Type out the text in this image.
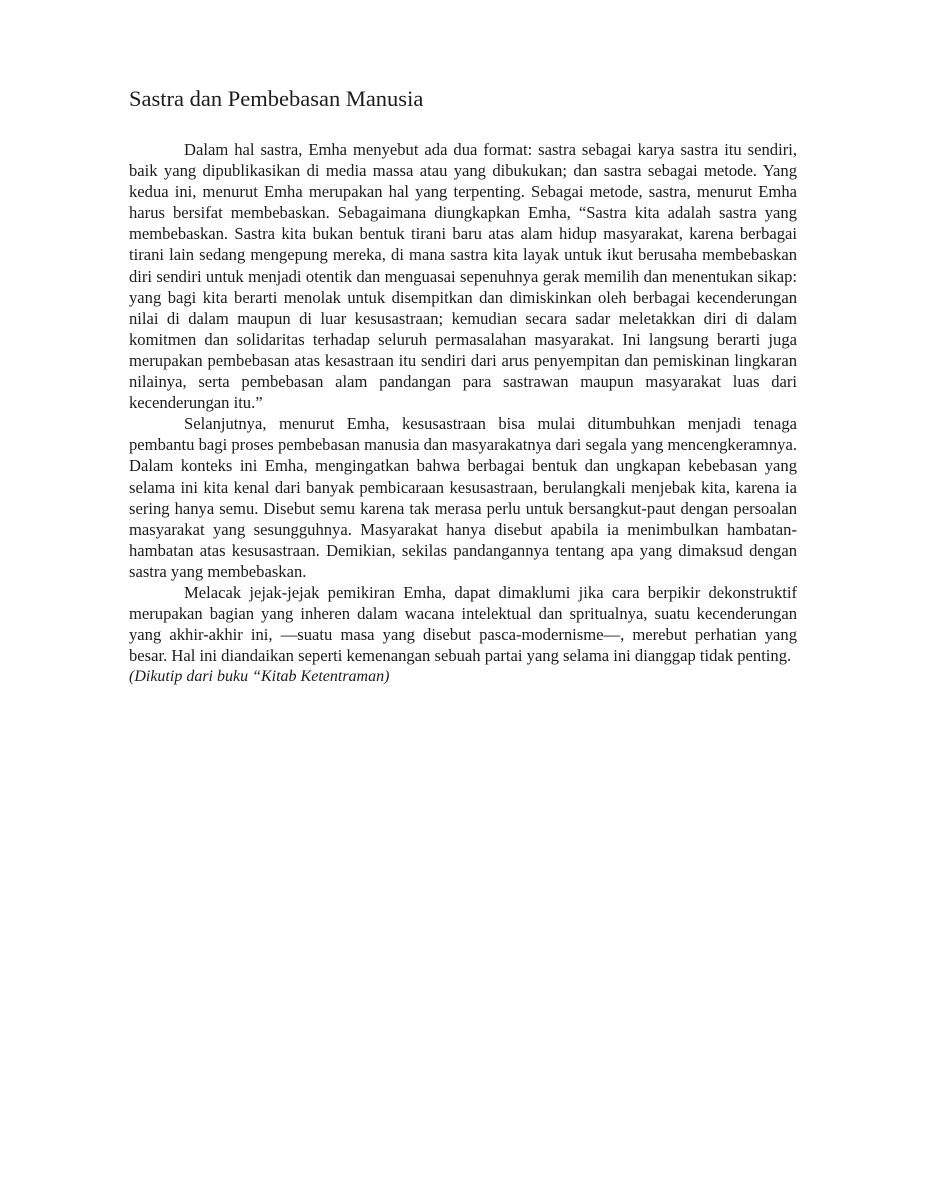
Sastra dan Pembebasan Manusia

Dalam hal sastra, Emha menyebut ada dua format: sastra sebagai karya sastra itu sendiri, baik yang dipublikasikan di media massa atau yang dibukukan; dan sastra sebagai metode. Yang kedua ini, menurut Emha merupakan hal yang terpenting. Sebagai metode, sastra, menurut Emha harus bersifat membebaskan. Sebagaimana diungkapkan Emha, “Sastra kita adalah sastra yang membebaskan. Sastra kita bukan bentuk tirani baru atas alam hidup masyarakat, karena berbagai tirani lain sedang mengepung mereka, di mana sastra kita layak untuk ikut berusaha membebaskan diri sendiri untuk menjadi otentik dan menguasai sepenuhnya gerak memilih dan menentukan sikap: yang bagi kita berarti menolak untuk disempitkan dan dimiskinkan oleh berbagai kecenderungan nilai di dalam maupun di luar kesusastraan; kemudian secara sadar meletakkan diri di dalam komitmen dan solidaritas terhadap seluruh permasalahan masyarakat. Ini langsung berarti juga merupakan pembebasan atas kesastraan itu sendiri dari arus penyempitan dan pemiskinan lingkaran nilainya, serta pembebasan alam pandangan para sastrawan maupun masyarakat luas dari kecenderungan itu.”

Selanjutnya, menurut Emha, kesusastraan bisa mulai ditumbuhkan menjadi tenaga pembantu bagi proses pembebasan manusia dan masyarakatnya dari segala yang mencengkeramnya. Dalam konteks ini Emha, mengingatkan bahwa berbagai bentuk dan ungkapan kebebasan yang selama ini kita kenal dari banyak pembicaraan kesusastraan, berulangkali menjebak kita, karena ia sering hanya semu. Disebut semu karena tak merasa perlu untuk bersangkut-paut dengan persoalan masyarakat yang sesungguhnya. Masyarakat hanya disebut apabila ia menimbulkan hambatan-hambatan atas kesusastraan. Demikian, sekilas pandangannya tentang apa yang dimaksud dengan sastra yang membebaskan.

Melacak jejak-jejak pemikiran Emha, dapat dimaklumi jika cara berpikir dekonstruktif merupakan bagian yang inheren dalam wacana intelektual dan spritualnya, suatu kecenderungan yang akhir-akhir ini, —suatu masa yang disebut pasca-modernisme—, merebut perhatian yang besar. Hal ini diandaikan seperti kemenangan sebuah partai yang selama ini dianggap tidak penting.

(Dikutip dari buku “Kitab Ketentraman)
